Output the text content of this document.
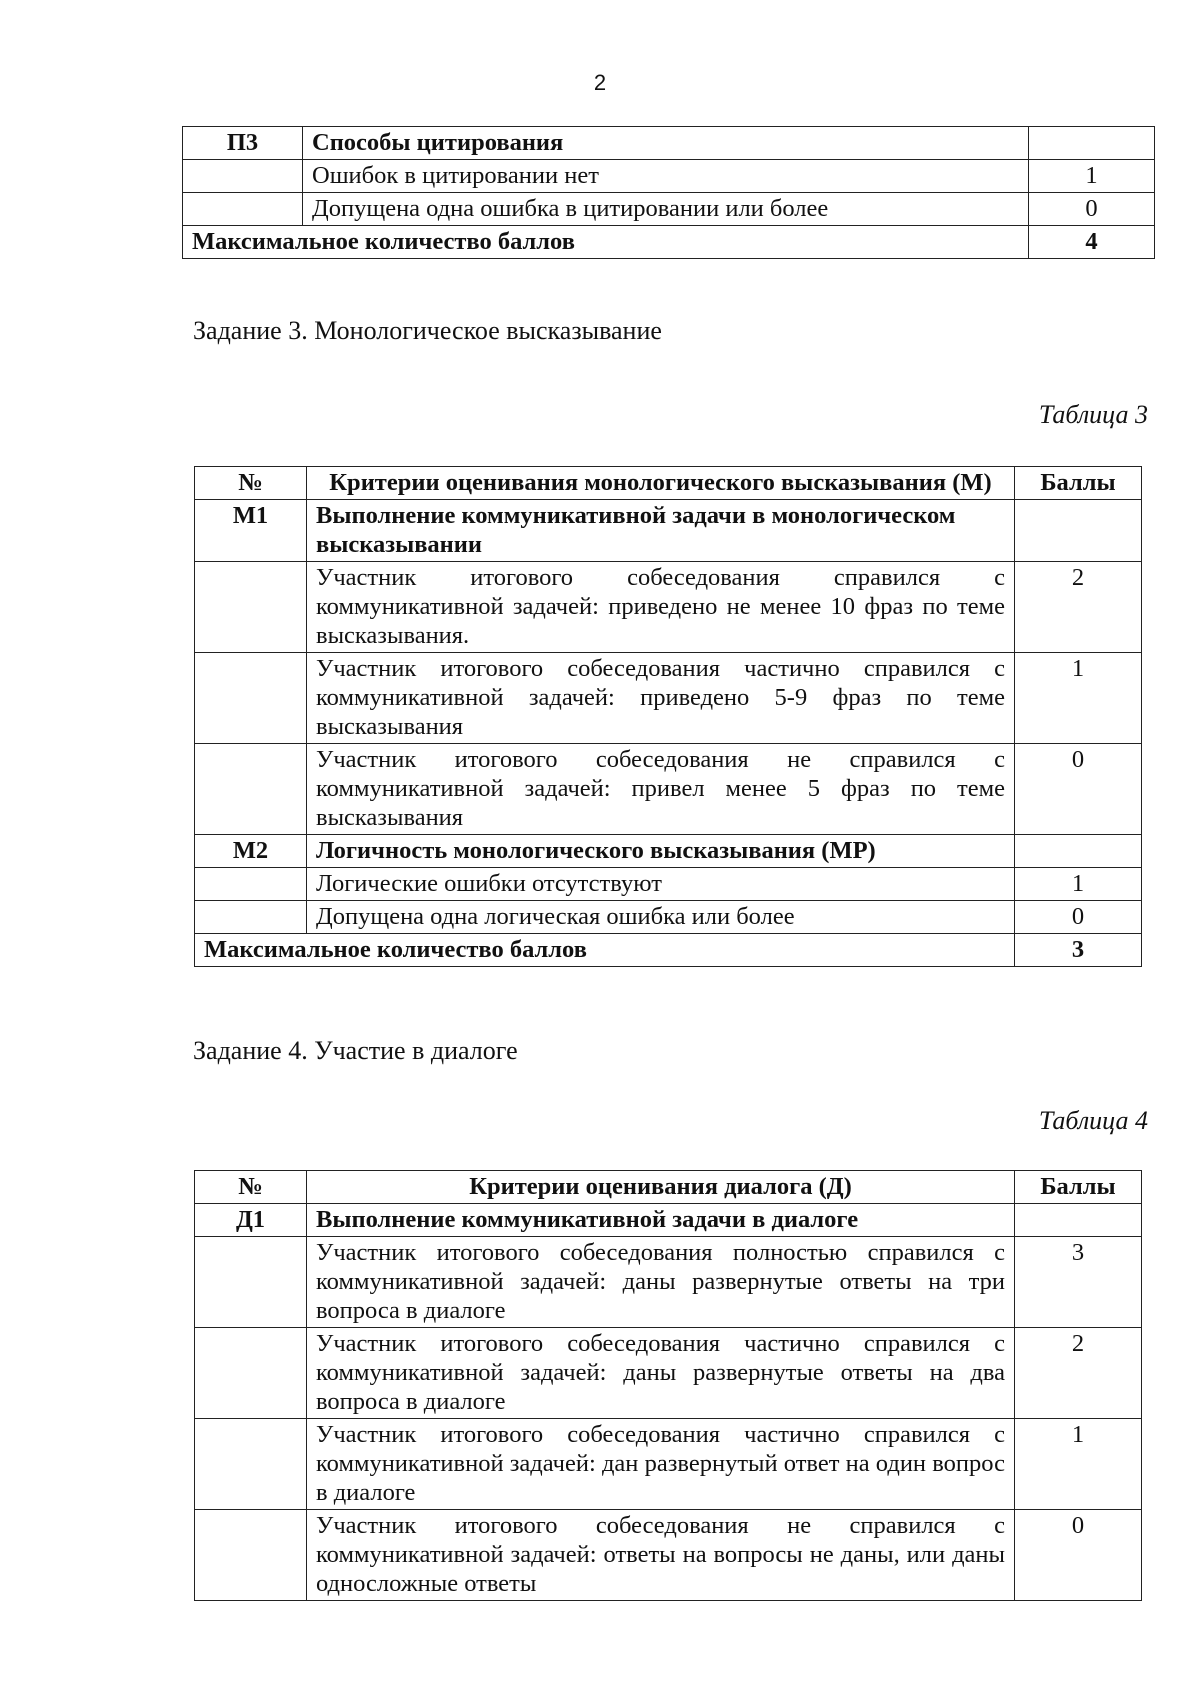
2
П3	Способы цитирования	
	Ошибок в цитировании нет	1
	Допущена одна ошибка в цитировании или более	0
Максимальное количество баллов		4
Задание 3. Монологическое высказывание
Таблица 3
№	Критерии оценивания монологического высказывания (М)	Баллы
М1	Выполнение коммуникативной задачи в монологическом высказывании	
	Участник итогового собеседования справился с коммуникативной задачей: приведено не менее 10 фраз по теме высказывания.	2
	Участник итогового собеседования частично справился с коммуникативной задачей: приведено 5-9 фраз по теме высказывания	1
	Участник итогового собеседования не справился с коммуникативной задачей: привел менее 5 фраз по теме высказывания	0
М2	Логичность монологического высказывания (МР)	
	Логические ошибки отсутствуют	1
	Допущена одна логическая ошибка или более	0
Максимальное количество баллов		3
Задание 4. Участие в диалоге
Таблица 4
№	Критерии оценивания диалога (Д)	Баллы
Д1	Выполнение коммуникативной задачи в диалоге	
	Участник итогового собеседования полностью справился с коммуникативной задачей: даны развернутые ответы на три вопроса в диалоге	3
	Участник итогового собеседования частично справился с коммуникативной задачей: даны развернутые ответы на два вопроса в диалоге	2
	Участник итогового собеседования частично справился с коммуникативной задачей: дан развернутый ответ на один вопрос в диалоге	1
	Участник итогового собеседования не справился с коммуникативной задачей: ответы на вопросы не даны, или даны односложные ответы	0
